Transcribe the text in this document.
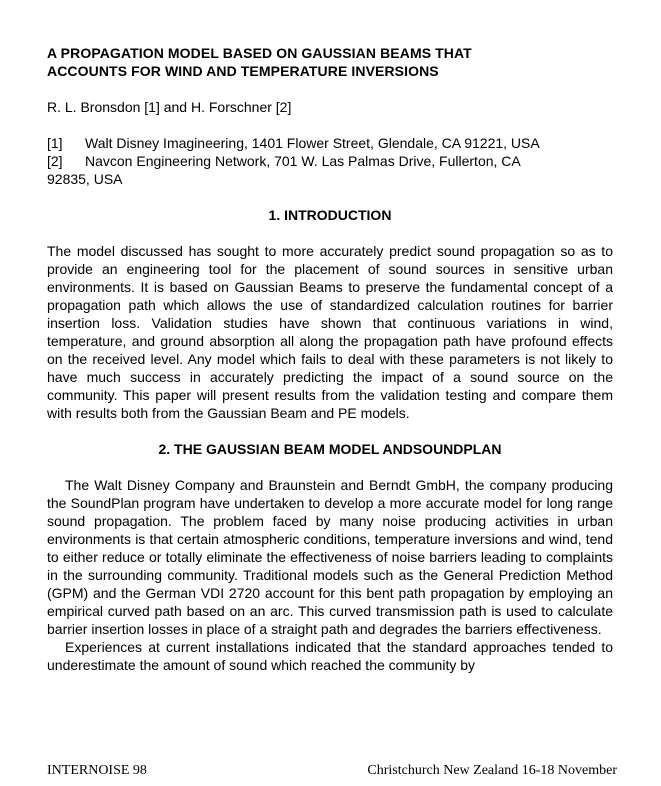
A PROPAGATION MODEL BASED ON GAUSSIAN BEAMS THAT
ACCOUNTS FOR WIND AND TEMPERATURE INVERSIONS
R. L. Bronsdon [1] and H. Forschner [2]
[1] Walt Disney Imagineering, 1401 Flower Street, Glendale, CA 91221, USA
[2] Navcon Engineering Network, 701 W. Las Palmas Drive, Fullerton, CA
92835, USA
1. INTRODUCTION

The model discussed has sought to more accurately predict sound propagation so as to provide an engineering tool for the placement of sound sources in sensitive urban environments. It is based on Gaussian Beams to preserve the fundamental concept of a propagation path which allows the use of standardized calculation routines for barrier insertion loss. Validation studies have shown that continuous variations in wind, temperature, and ground absorption all along the propagation path have profound effects on the received level. Any model which fails to deal with these parameters is not likely to have much success in accurately predicting the impact of a sound source on the community. This paper will present results from the validation testing and compare them with results both from the Gaussian Beam and PE models.

2. THE GAUSSIAN BEAM MODEL ANDSOUNDPLAN

The Walt Disney Company and Braunstein and Berndt GmbH, the company producing the SoundPlan program have undertaken to develop a more accurate model for long range sound propagation. The problem faced by many noise producing activities in urban environments is that certain atmospheric conditions, temperature inversions and wind, tend to either reduce or totally eliminate the effectiveness of noise barriers leading to complaints in the surrounding community. Traditional models such as the General Prediction Method (GPM) and the German VDI 2720 account for this bent path propagation by employing an empirical curved path based on an arc. This curved transmission path is used to calculate barrier insertion losses in place of a straight path and degrades the barriers effectiveness.

Experiences at current installations indicated that the standard approaches tended to underestimate the amount of sound which reached the community by

INTERNOISE 98	Christchurch New Zealand 16-18 November
